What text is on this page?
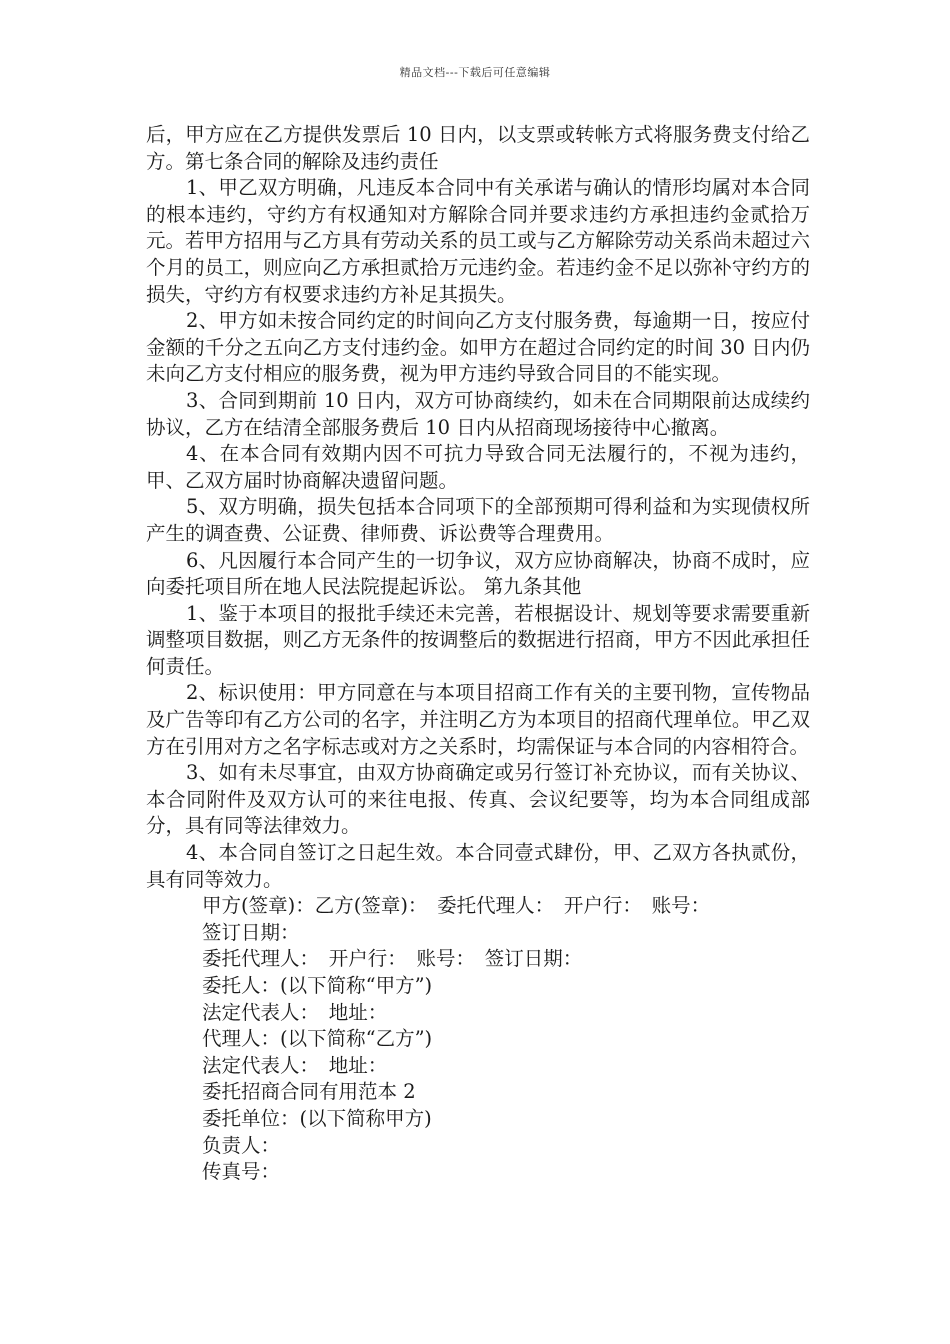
精品文档---下载后可任意编辑

后，甲方应在乙方提供发票后 10 日内，以支票或转帐方式将服务费支付给乙方。第七条合同的解除及违约责任

1、甲乙双方明确，凡违反本合同中有关承诺与确认的情形均属对本合同的根本违约，守约方有权通知对方解除合同并要求违约方承担违约金贰拾万元。若甲方招用与乙方具有劳动关系的员工或与乙方解除劳动关系尚未超过六个月的员工，则应向乙方承担贰拾万元违约金。若违约金不足以弥补守约方的损失，守约方有权要求违约方补足其损失。

2、甲方如未按合同约定的时间向乙方支付服务费，每逾期一日，按应付金额的千分之五向乙方支付违约金。如甲方在超过合同约定的时间 30 日内仍未向乙方支付相应的服务费，视为甲方违约导致合同目的不能实现。

3、合同到期前 10 日内，双方可协商续约，如未在合同期限前达成续约协议，乙方在结清全部服务费后 10 日内从招商现场接待中心撤离。

4、在本合同有效期内因不可抗力导致合同无法履行的，不视为违约，甲、乙双方届时协商解决遗留问题。

5、双方明确，损失包括本合同项下的全部预期可得利益和为实现债权所产生的调查费、公证费、律师费、诉讼费等合理费用。

6、凡因履行本合同产生的一切争议，双方应协商解决，协商不成时，应向委托项目所在地人民法院提起诉讼。 第九条其他

1、鉴于本项目的报批手续还未完善，若根据设计、规划等要求需要重新调整项目数据，则乙方无条件的按调整后的数据进行招商，甲方不因此承担任何责任。

2、标识使用：甲方同意在与本项目招商工作有关的主要刊物，宣传物品及广告等印有乙方公司的名字，并注明乙方为本项目的招商代理单位。甲乙双方在引用对方之名字标志或对方之关系时，均需保证与本合同的内容相符合。

3、如有未尽事宜，由双方协商确定或另行签订补充协议，而有关协议、本合同附件及双方认可的来往电报、传真、会议纪要等，均为本合同组成部分，具有同等法律效力。

4、本合同自签订之日起生效。本合同壹式肆份，甲、乙双方各执贰份，具有同等效力。

甲方(签章)：乙方(签章)：　委托代理人：　开户行：　账号：

签订日期：

委托代理人：　开户行：　账号：　签订日期：

委托人：(以下简称“甲方”)

法定代表人：　地址：

代理人：(以下简称“乙方”)

法定代表人：　地址：

委托招商合同有用范本 2

委托单位：(以下简称甲方)

负责人：

传真号：
